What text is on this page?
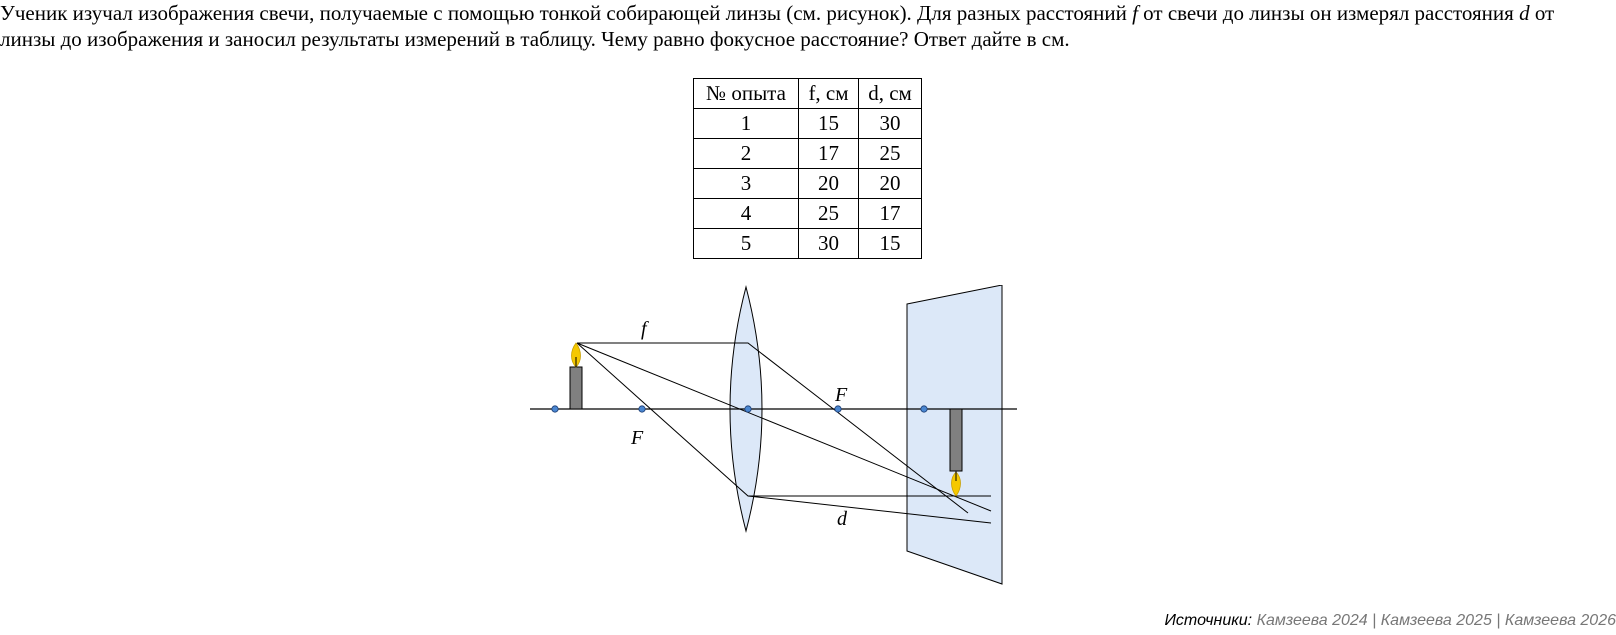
Ученик изучал изображения свечи, получаемые с помощью тонкой собирающей линзы (см. рисунок). Для разных расстояний f от свечи до линзы он измерял расстояния d от линзы до изображения и заносил результаты измерений в таблицу. Чему равно фокусное расстояние? Ответ дайте в см.
№ опыта	f, см	d, см
1	15	30
2	17	25
3	20	20
4	25	17
5	30	15
f
F
F
d
Источники: Камзеева 2024 | Камзеева 2025 | Камзеева 2026
